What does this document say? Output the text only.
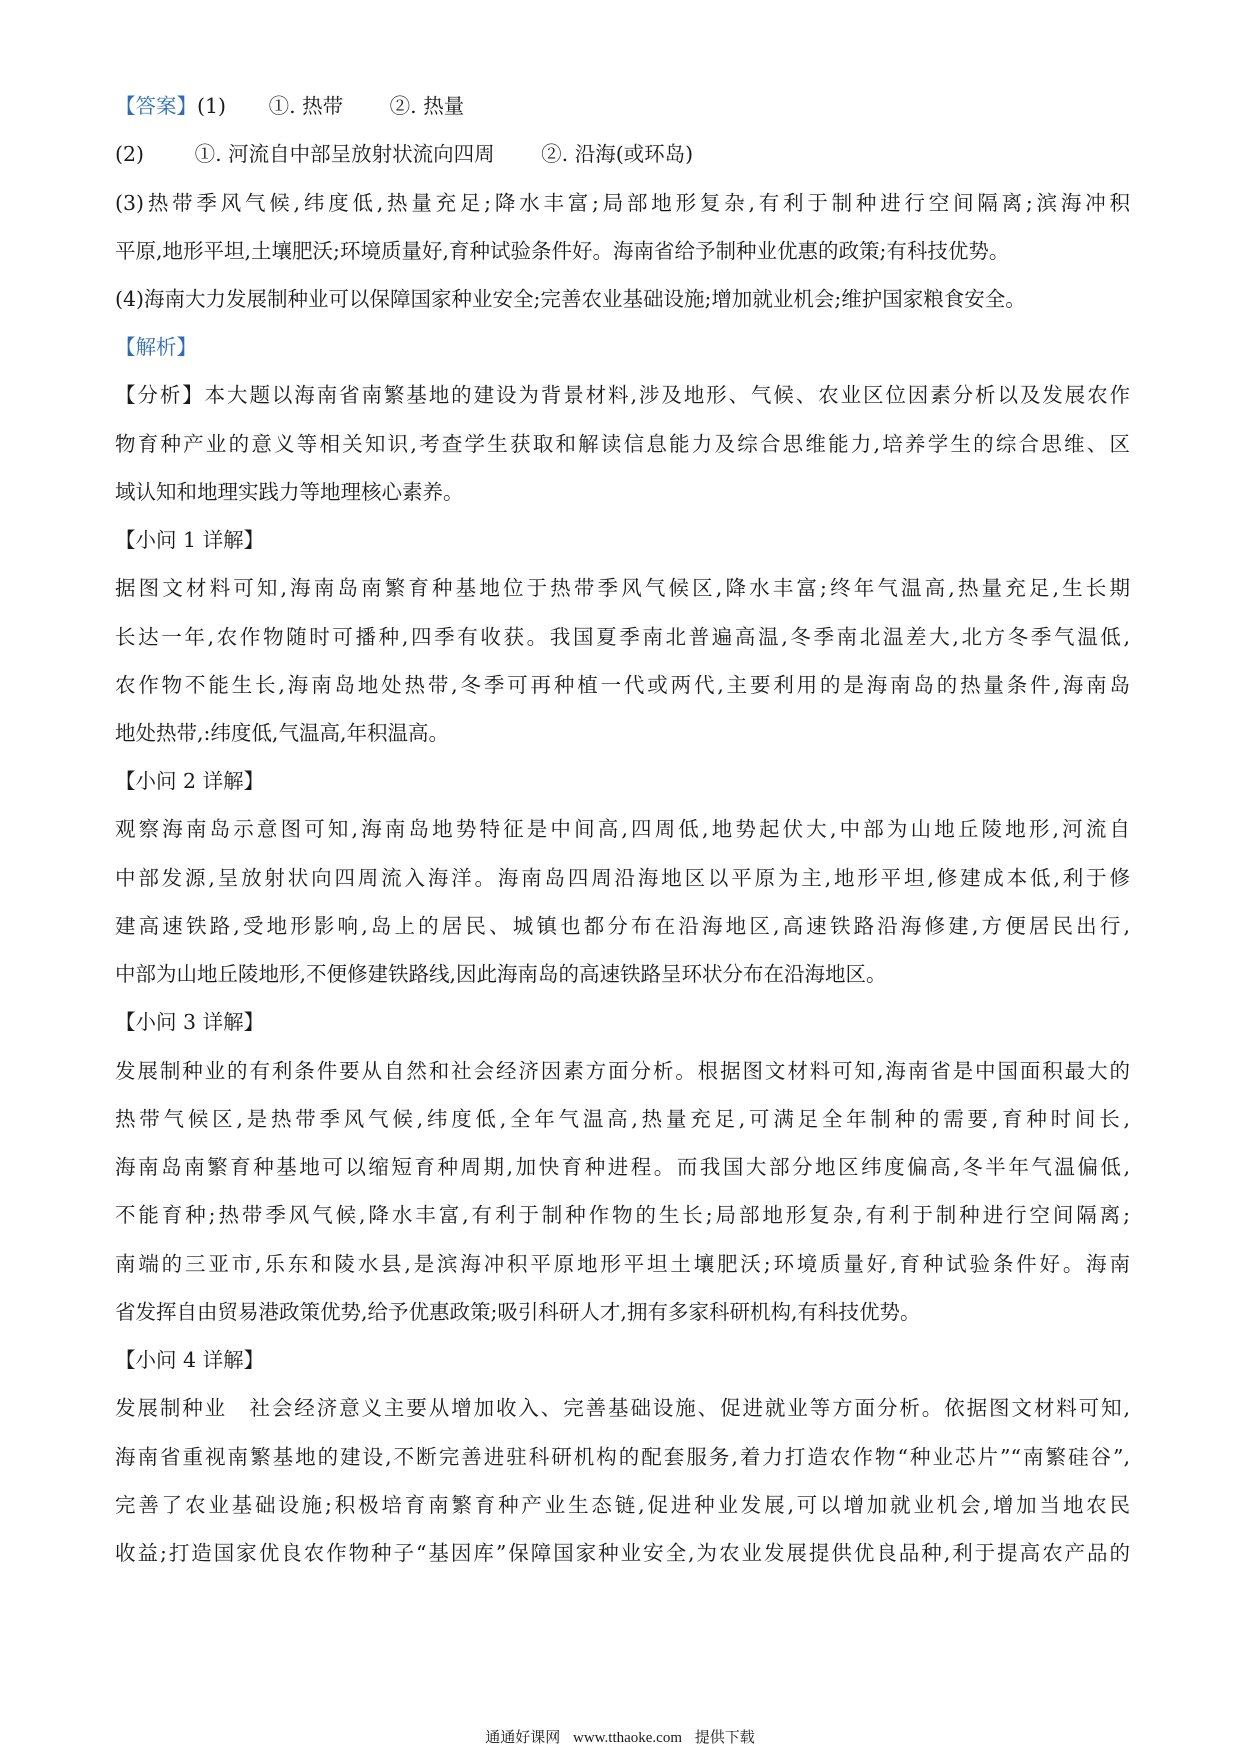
【答案】(1) ①. 热带 ②. 热量
(2) ①. 河流自中部呈放射状流向四周 ②. 沿海(或环岛)
(3)热带季风气候,纬度低,热量充足;降水丰富;局部地形复杂,有利于制种进行空间隔离;滨海冲积
平原,地形平坦,土壤肥沃;环境质量好,育种试验条件好。海南省给予制种业优惠的政策;有科技优势。
(4)海南大力发展制种业可以保障国家种业安全;完善农业基础设施;增加就业机会;维护国家粮食安全。
【解析】
【分析】本大题以海南省南繁基地的建设为背景材料,涉及地形、气候、农业区位因素分析以及发展农作
物育种产业的意义等相关知识,考查学生获取和解读信息能力及综合思维能力,培养学生的综合思维、区
域认知和地理实践力等地理核心素养。
【小问 1 详解】
据图文材料可知,海南岛南繁育种基地位于热带季风气候区,降水丰富;终年气温高,热量充足,生长期
长达一年,农作物随时可播种,四季有收获。我国夏季南北普遍高温,冬季南北温差大,北方冬季气温低,
农作物不能生长,海南岛地处热带,冬季可再种植一代或两代,主要利用的是海南岛的热量条件,海南岛
地处热带,:纬度低,气温高,年积温高。
【小问 2 详解】
观察海南岛示意图可知,海南岛地势特征是中间高,四周低,地势起伏大,中部为山地丘陵地形,河流自
中部发源,呈放射状向四周流入海洋。海南岛四周沿海地区以平原为主,地形平坦,修建成本低,利于修
建高速铁路,受地形影响,岛上的居民、城镇也都分布在沿海地区,高速铁路沿海修建,方便居民出行,
中部为山地丘陵地形,不便修建铁路线,因此海南岛的高速铁路呈环状分布在沿海地区。
【小问 3 详解】
发展制种业的有利条件要从自然和社会经济因素方面分析。根据图文材料可知,海南省是中国面积最大的
热带气候区,是热带季风气候,纬度低,全年气温高,热量充足,可满足全年制种的需要,育种时间长,
海南岛南繁育种基地可以缩短育种周期,加快育种进程。而我国大部分地区纬度偏高,冬半年气温偏低,
不能育种;热带季风气候,降水丰富,有利于制种作物的生长;局部地形复杂,有利于制种进行空间隔离;
南端的三亚市,乐东和陵水县,是滨海冲积平原地形平坦土壤肥沃;环境质量好,育种试验条件好。海南
省发挥自由贸易港政策优势,给予优惠政策;吸引科研人才,拥有多家科研机构,有科技优势。
【小问 4 详解】
发展制种业　社会经济意义主要从增加收入、完善基础设施、促进就业等方面分析。依据图文材料可知,
海南省重视南繁基地的建设,不断完善进驻科研机构的配套服务,着力打造农作物“种业芯片”“南繁硅谷”,
完善了农业基础设施;积极培育南繁育种产业生态链,促进种业发展,可以增加就业机会,增加当地农民
收益;打造国家优良农作物种子“基因库”保障国家种业安全,为农业发展提供优良品种,利于提高农产品的
通通好课网 www.tthaoke.com 提供下载
